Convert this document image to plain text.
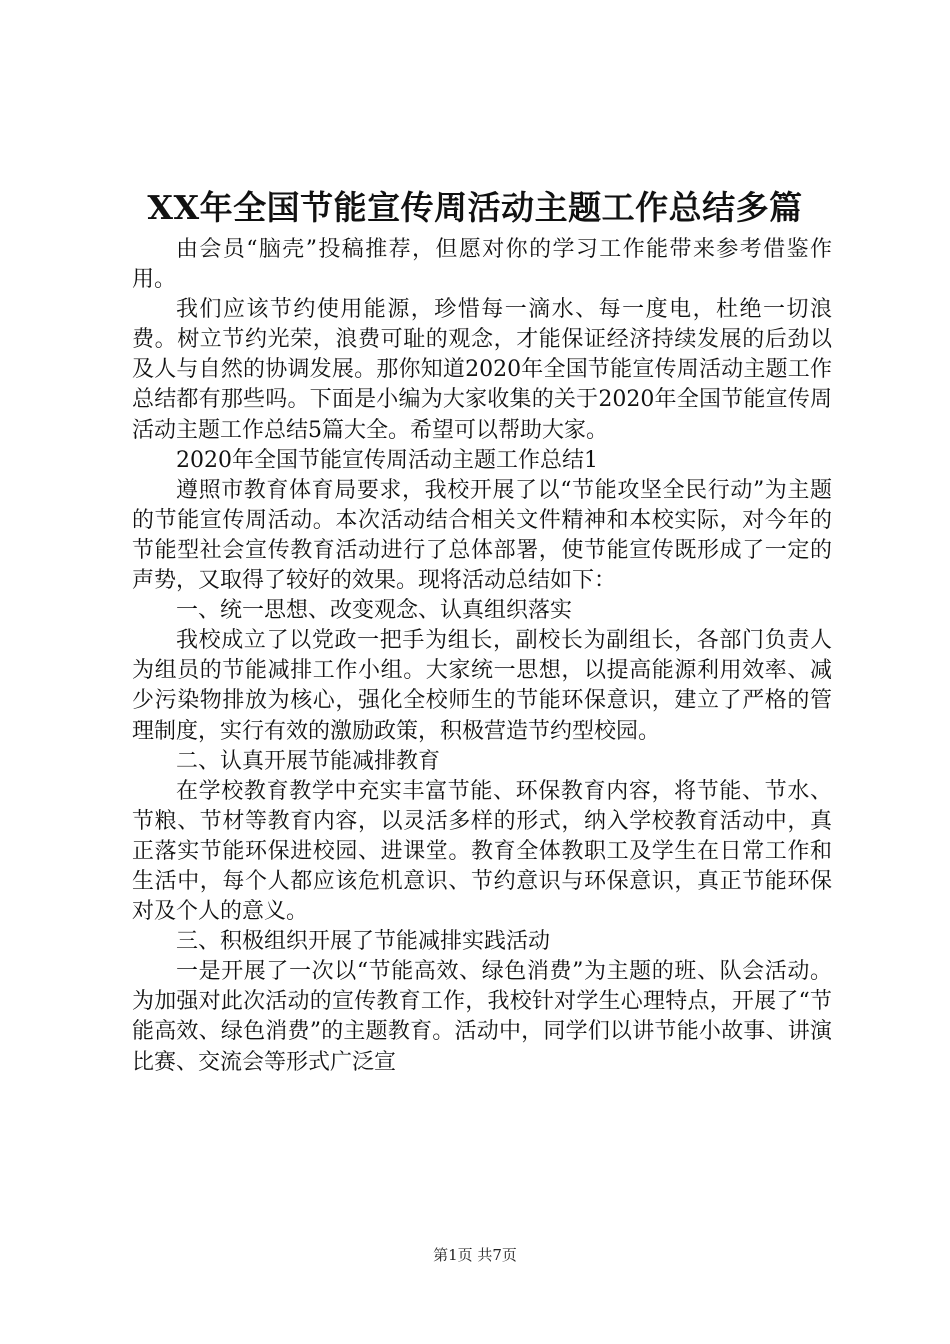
XX年全国节能宣传周活动主题工作总结多篇

由会员“脑壳”投稿推荐，但愿对你的学习工作能带来参考借鉴作用。

我们应该节约使用能源，珍惜每一滴水、每一度电，杜绝一切浪费。树立节约光荣，浪费可耻的观念，才能保证经济持续发展的后劲以及人与自然的协调发展。那你知道2020年全国节能宣传周活动主题工作总结都有那些吗。下面是小编为大家收集的关于2020年全国节能宣传周活动主题工作总结5篇大全。希望可以帮助大家。

2020年全国节能宣传周活动主题工作总结1

遵照市教育体育局要求，我校开展了以“节能攻坚全民行动”为主题的节能宣传周活动。本次活动结合相关文件精神和本校实际，对今年的节能型社会宣传教育活动进行了总体部署，使节能宣传既形成了一定的声势，又取得了较好的效果。现将活动总结如下：

一、统一思想、改变观念、认真组织落实

我校成立了以党政一把手为组长，副校长为副组长，各部门负责人为组员的节能减排工作小组。大家统一思想，以提高能源利用效率、减少污染物排放为核心，强化全校师生的节能环保意识，建立了严格的管理制度，实行有效的激励政策，积极营造节约型校园。

二、认真开展节能减排教育

在学校教育教学中充实丰富节能、环保教育内容，将节能、节水、节粮、节材等教育内容，以灵活多样的形式，纳入学校教育活动中，真正落实节能环保进校园、进课堂。教育全体教职工及学生在日常工作和生活中，每个人都应该危机意识、节约意识与环保意识，真正节能环保对及个人的意义。

三、积极组织开展了节能减排实践活动

一是开展了一次以“节能高效、绿色消费”为主题的班、队会活动。为加强对此次活动的宣传教育工作，我校针对学生心理特点，开展了“节能高效、绿色消费”的主题教育。活动中，同学们以讲节能小故事、讲演比赛、交流会等形式广泛宣

第1页 共7页
